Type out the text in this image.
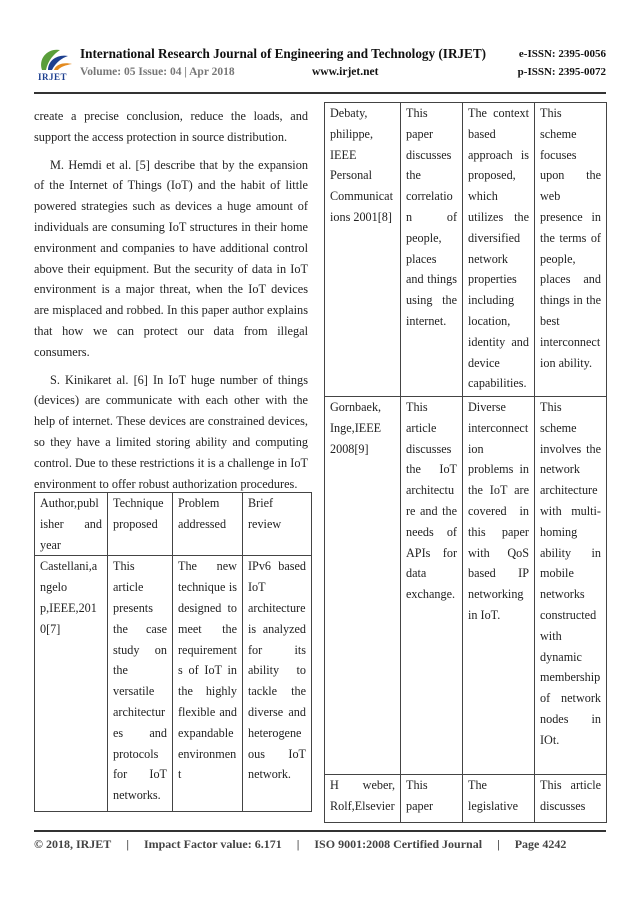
IRJET
International Research Journal of Engineering and Technology (IRJET)	e-ISSN: 2395-0056
Volume: 05 Issue: 04 | Apr 2018	www.irjet.net	p-ISSN: 2395-0072

create a precise conclusion, reduce the loads, and support the access protection in source distribution.

M. Hemdi et al. [5] describe that by the expansion of the Internet of Things (IoT) and the habit of little powered strategies such as devices a huge amount of individuals are consuming IoT structures in their home environment and companies to have additional control above their equipment. But the security of data in IoT environment is a major threat, when the IoT devices are misplaced and robbed. In this paper author explains that how we can protect our data from illegal consumers.

S. Kinikaret al. [6] In IoT huge number of things (devices) are communicate with each other with the help of internet. These devices are constrained devices, so they have a limited storing ability and computing control. Due to these restrictions it is a challenge in IoT environment to offer robust authorization procedures.

Author,publisher and year	Technique proposed	Problem addressed	Brief review

Castellani,angelo p,IEEE,2010[7]	This article presents the case study on the versatile architectures and protocols for IoT networks.	The new technique is designed to meet the requirements of IoT in the highly flexible and expandable environment	IPv6 based IoT architecture is analyzed for its ability to tackle the diverse and heterogeneous IoT network.
Debaty, philippe, IEEE Personal Communications 2001[8]	This paper discusses the correlation of people, places and things using the internet.	The context based approach is proposed, which utilizes the diversified network properties including location, identity and device capabilities.	This scheme focuses upon the web presence in the terms of people, places and things in the best interconnection ability.

Gornbaek, Inge,IEEE 2008[9]	This article discusses the IoT architecture and the needs of APIs for data exchange.	Diverse interconnection problems in the IoT are covered in this paper with QoS based IP networking in IoT.	This scheme involves the network architecture with multi-homing ability in mobile networks constructed with dynamic membership of network nodes in IOt.

H weber, Rolf,Elsevier	This paper	The legislative	This article discusses
© 2018, IRJET | Impact Factor value: 6.171 | ISO 9001:2008 Certified Journal | Page 4242
